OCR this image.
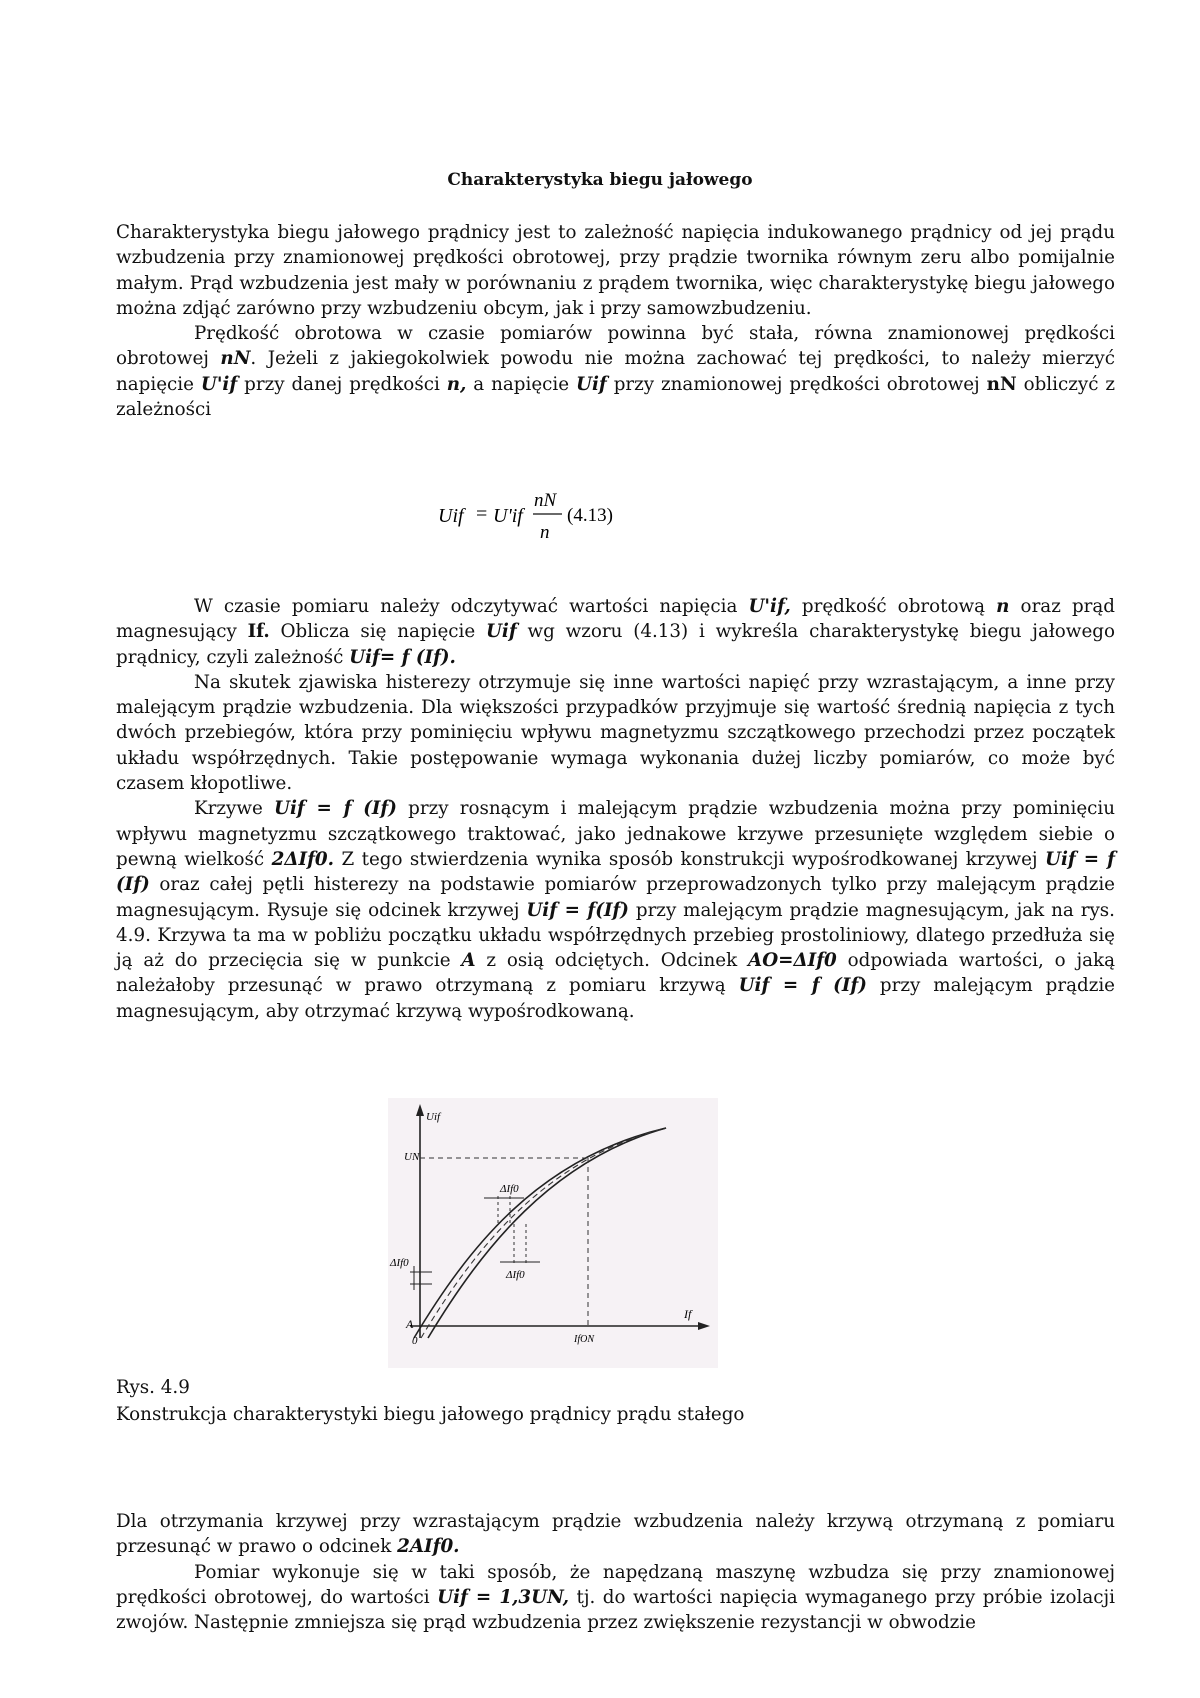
Charakterystyka biegu jałowego

Charakterystyka biegu jałowego prądnicy jest to zależność napięcia indukowanego prądnicy od jej prądu wzbudzenia przy znamionowej prędkości obrotowej, przy prądzie twornika równym zeru albo pomijalnie małym. Prąd wzbudzenia jest mały w porównaniu z prądem twornika, więc charakterystykę biegu jałowego można zdjąć zarówno przy wzbudzeniu obcym, jak i przy samowzbudzeniu.

Prędkość obrotowa w czasie pomiarów powinna być stała, równa znamionowej prędkości obrotowej nN. Jeżeli z jakiegokolwiek powodu nie można zachować tej prędkości, to należy mierzyć napięcie U'if przy danej prędkości n, a napięcie Uif przy znamionowej prędkości obrotowej nN obliczyć z zależności

Uif = U'if
nN
n
(4.13)

W czasie pomiaru należy odczytywać wartości napięcia U'if, prędkość obrotową n oraz prąd magnesujący If. Oblicza się napięcie Uif wg wzoru (4.13) i wykreśla charakterystykę biegu jałowego prądnicy, czyli zależność Uif= f (If).

Na skutek zjawiska histerezy otrzymuje się inne wartości napięć przy wzrastającym, a inne przy malejącym prądzie wzbudzenia. Dla większości przypadków przyjmuje się wartość średnią napięcia z tych dwóch przebiegów, która przy pominięciu wpływu magnetyzmu szczątkowego przechodzi przez początek układu współrzędnych. Takie postępowanie wymaga wykonania dużej liczby pomiarów, co może być czasem kłopotliwe.

Krzywe Uif = f (If) przy rosnącym i malejącym prądzie wzbudzenia można przy pominięciu wpływu magnetyzmu szczątkowego traktować, jako jednakowe krzywe przesunięte względem siebie o pewną wielkość 2ΔIf0. Z tego stwierdzenia wynika sposób konstrukcji wypośrodkowanej krzywej Uif = f (If) oraz całej pętli histerezy na podstawie pomiarów przeprowadzonych tylko przy malejącym prądzie magnesującym. Rysuje się odcinek krzywej Uif = f(If) przy malejącym prądzie magnesującym, jak na rys. 4.9. Krzywa ta ma w pobliżu początku układu współrzędnych przebieg prostoliniowy, dlatego przedłuża się ją aż do przecięcia się w punkcie A z osią odciętych. Odcinek AO=ΔIf0 odpowiada wartości, o jaką należałoby przesunąć w prawo otrzymaną z pomiaru krzywą Uif = f (If) przy malejącym prądzie magnesującym, aby otrzymać krzywą wypośrodkowaną.

Uif
UN
ΔIf0
ΔIf0
ΔIf0
If
IfON
A
0
Rys. 4.9
Konstrukcja charakterystyki biegu jałowego prądnicy prądu stałego

Dla otrzymania krzywej przy wzrastającym prądzie wzbudzenia należy krzywą otrzymaną z pomiaru przesunąć w prawo o odcinek 2AIf0.

Pomiar wykonuje się w taki sposób, że napędzaną maszynę wzbudza się przy znamionowej prędkości obrotowej, do wartości Uif = 1,3UN, tj. do wartości napięcia wymaganego przy próbie izolacji zwojów. Następnie zmniejsza się prąd wzbudzenia przez zwiększenie rezystancji w obwodzie
